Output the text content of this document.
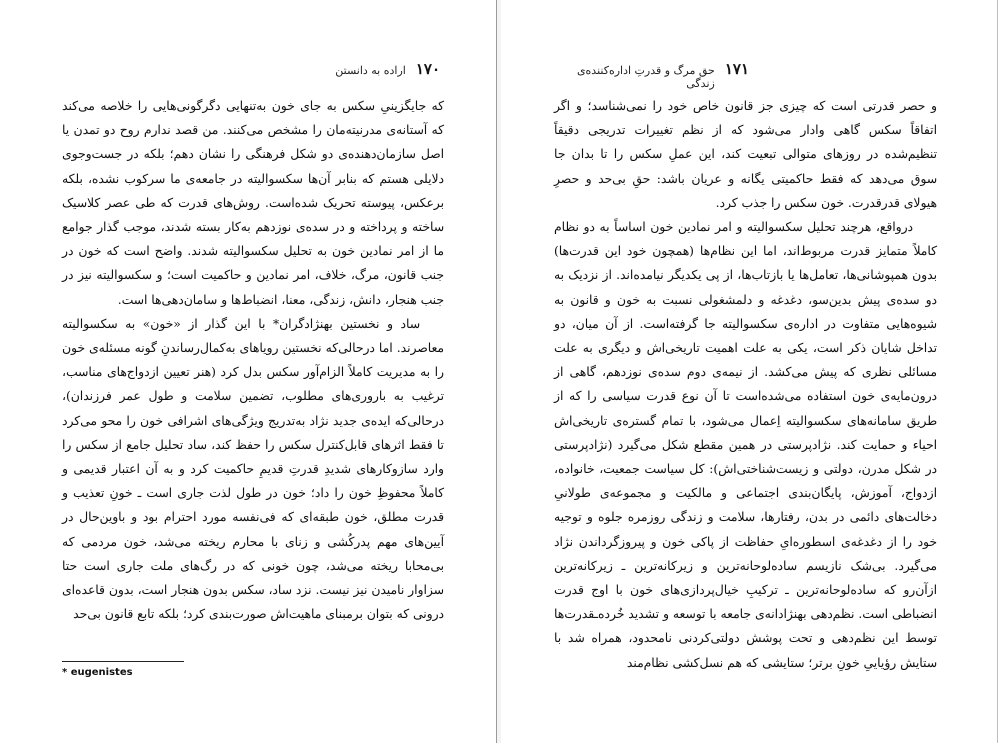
۱۷۰
اراده به دانستن

که جایگزینیِ سکس به جای خون به‌تنهایی دگرگونی‌هایی را خلاصه می‌کند که آستانه‌ی مدرنیته‌مان را مشخص می‌کنند. من قصد ندارم روح دو تمدن یا اصل سازمان‌دهنده‌ی دو شکل فرهنگی را نشان دهم؛ بلکه در جست‌وجوی دلایلی هستم که بنابر آن‌ها سکسوالیته در جامعه‌ی ما سرکوب نشده، بلکه برعکس، پیوسته تحریک شده‌است. روش‌های قدرت که طی عصر کلاسیک ساخته و پرداخته و در سده‌ی نوزدهم به‌کار بسته شدند، موجب گذار جوامع ما از امر نمادین خون به تحلیل سکسوالیته شدند. واضح است که خون در جنب قانون، مرگ، خلاف، امر نمادین و حاکمیت است؛ و سکسوالیته نیز در جنب هنجار، دانش، زندگی، معنا، انضباط‌ها و سامان‌دهی‌ها است.

ساد و نخستین بهنژادگران* با این گذار از «خون» به سکسوالیته معاصرند. اما درحالی‌که نخستین رویاهای به‌کمال‌رساندنِ گونه مسئله‌ی خون را به مدیریت کاملاً الزام‌آور سکس بدل کرد (هنر تعیین ازدواج‌های مناسب، ترغیب به باروری‌های مطلوب، تضمین سلامت و طول عمر فرزندان)، درحالی‌که ایده‌ی جدید نژاد به‌تدریج ویژگی‌های اشرافی خون را محو می‌کرد تا فقط اثرهای قابل‌کنترل سکس را حفظ کند، ساد تحلیل جامع از سکس را وارد سازوکارهای شدیدِ قدرتِ قدیمِ حاکمیت کرد و به آن اعتبار قدیمی و کاملاً محفوظِ خون را داد؛ خون در طول لذت جاری است ـ خونِ تعذیب و قدرت مطلق، خون طبقه‌ای که فی‌نفسه مورد احترام بود و باوین‌حال در آیین‌های مهم پدرکُشی و زنای با محارم ریخته می‌شد، خون مردمی که بی‌محابا ریخته می‌شد، چون خونی که در رگ‌های ملت جاری است حتا سزاوار نامیدن نیز نیست. نزد ساد، سکس بدون هنجار است، بدون قاعده‌ای درونی که بتوان برمبنای ماهیت‌اش صورت‌بندی کرد؛ بلکه تابع قانون بی‌حد

* eugenistes
۱۷۱
حق مرگ و قدرتِ اداره‌کننده‌ی زندگی

و حصر قدرتی است که چیزی جز قانون خاص خود را نمی‌شناسد؛ و اگر اتفاقاً سکس گاهی وادار می‌شود که از نظم تغییرات تدریجی دقیقاً تنظیم‌شده در روزهای متوالی تبعیت کند، این عملِ سکس را تا بدان جا سوق می‌دهد که فقط حاکمیتی یگانه و عریان باشد: حقِ بی‌حد و حصرِ هیولای قدرقدرت. خون سکس را جذب کرد.

درواقع، هرچند تحلیل سکسوالیته و امر نمادین خون اساساً به دو نظام کاملاً متمایز قدرت مربوط‌اند، اما این نظام‌ها (همچون خود این قدرت‌ها) بدون همپوشانی‌ها، تعامل‌ها یا بازتاب‌ها، از پی یکدیگر نیامده‌اند. از نزدیک به دو سده‌ی پیش بدین‌سو، دغدغه و دلمشغولی نسبت به خون و قانون به شیوه‌هایی متفاوت در اداره‌ی سکسوالیته جا گرفته‌است. از آن میان، دو تداخل شایان ذکر است، یکی به علت اهمیت تاریخی‌اش و دیگری به علت مسائلی نظری که پیش می‌کشد. از نیمه‌ی دوم سده‌ی نوزدهم، گاهی از درون‌مایه‌ی خون استفاده می‌شده‌است تا آن نوع قدرت سیاسی را که از طریق سامانه‌های سکسوالیته اِعمال می‌شود، با تمام گستره‌ی تاریخی‌اش احیاء و حمایت کند. نژادپرستی در همین مقطع شکل می‌گیرد (نژادپرستی در شکل مدرن، دولتی و زیست‌شناختی‌اش): کل سیاست جمعیت، خانواده، ازدواج، آموزش، پایگان‌بندی اجتماعی و مالکیت و مجموعه‌ی طولانیِ دخالت‌های دائمی در بدن، رفتارها، سلامت و زندگی روزمره جلوه و توجیه خود را از دغدغه‌ی اسطوره‌ایِ حفاظت از پاکی خون و پیروزگرداندن نژاد می‌گیرد. بی‌شک نازیسم ساده‌لوحانه‌ترین و زیرکانه‌ترین ـ زیرکانه‌ترین ازآن‌رو که ساده‌لوحانه‌ترین ـ ترکیبِ خیال‌پردازی‌های خون با اوج قدرت انضباطی است. نظم‌دهی بهنژادانه‌ی جامعه با توسعه و تشدید خُرده‌ـقدرت‌ها توسط این نظم‌دهی و تحت پوشش دولتی‌کردنی نامحدود، همراه شد با ستایش رؤیاییِ خونِ برتر؛ ستایشی که هم نسل‌کشی نظام‌مند
